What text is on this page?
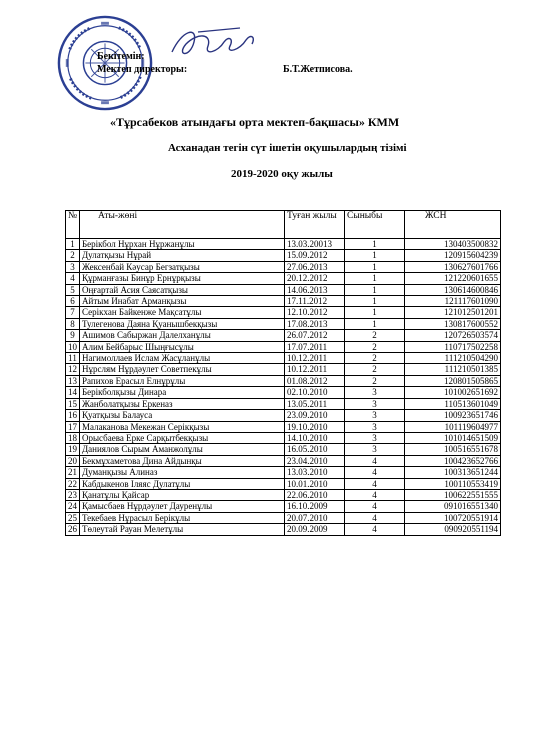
Бекітемін:
Мектеп директоры:	Б.Т.Жетписова.
«Тұрсабеков атындағы орта мектеп-бақшасы» КММ
Асханадан тегін сүт ішетін оқушылардың тізімі
2019-2020 оқу жылы
№	Аты-жөні	Туған жылы	Сыныбы	ЖСН
1	Берікбол Нұрхан Нұржанұлы	13.03.20013	1	130403500832
2	Дулатқызы Нұрай	15.09.2012	1	120915604239
3	Жексенбай Кәусар Бегзатқызы	27.06.2013	1	130627601766
4	Құрманғазы Бинұр Ернұрқызы	20.12.2012	1	121220601655
5	Оңғартай Асия Саясатқызы	14.06.2013	1	130614600846
6	Айтым Инабат Арманқызы	17.11.2012	1	121117601090
7	Серікхан Байкенже Мақсатұлы	12.10.2012	1	121012501201
8	Тулегенова Даяна Қуанышбекқызы	17.08.2013	1	130817600552
9	Ашимов Сабыржан Далелханұлы	26.07.2012	2	120726503574
10	Алим Бейбарыс Шыңғысұлы	17.07.2011	2	110717502258
11	Нагимоллаев Ислам Жасұланұлы	10.12.2011	2	111210504290
12	Нұрслям Нұрдәулет Советпекұлы	10.12.2011	2	111210501385
13	Рапихов Ерасыл Елнұрұлы	01.08.2012	2	120801505865
14	Берікболқызы Динара	02.10.2010	3	101002651692
15	Жанболатқызы Еркеназ	13.05.2011	3	110513601049
16	Қуатқызы Балауса	23.09.2010	3	100923651746
17	Малаканова Мекежан Серікқызы	19.10.2010	3	101119604977
18	Орысбаева Ерке Сарқытбекқызы	14.10.2010	3	101014651509
19	Даниялов Сырым Аманжолұлы	16.05.2010	3	100516551678
20	Бекмұхаметова Дина Айдынқы	23.04.2010	4	100423652766
21	Думанқызы Алиназ	13.03.2010	4	100313651244
22	Кабдыкенов Іляяс Дулатұлы	10.01.2010	4	100110553419
23	Қанатұлы Қайсар	22.06.2010	4	100622551555
24	Қамысбаев Нұрдәулет Дауренұлы	16.10.2009	4	091016551340
25	Текебаев Нұрасыл Берікұлы	20.07.2010	4	100720551914
26	Төлеутай Рауан Мелетұлы	20.09.2009	4	090920551194
